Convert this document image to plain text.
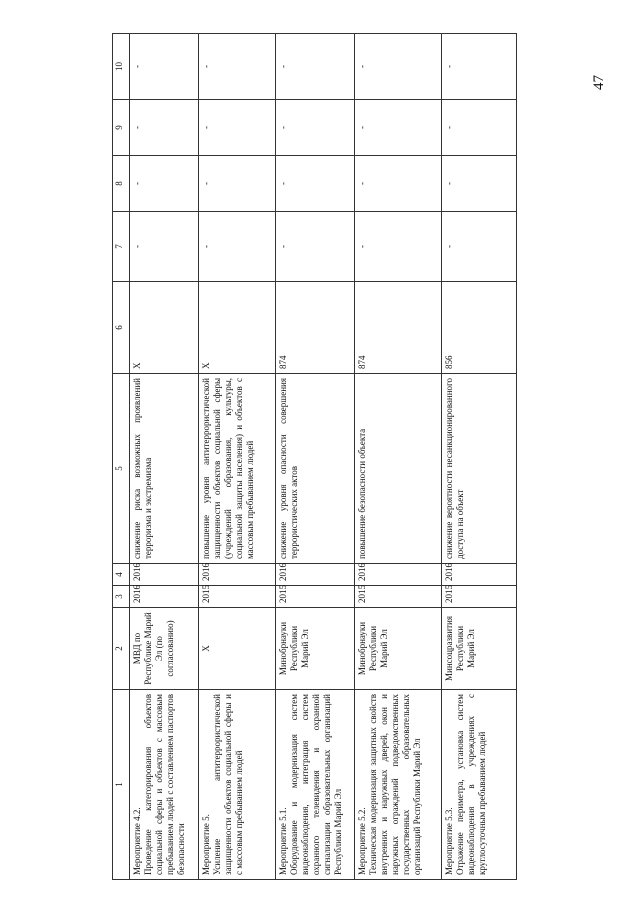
47
1	2	3	4	5	6	7	8	9	10

Мероприятие 4.2. Проведение категорирования объектов социальной сферы и объектов с массовым пребыванием людей с составлением паспортов безопасности	МВД по Республике Марий Эл (по согласованию)	2016	2016	снижение риска возможных проявлений терроризма и экстремизма	X	-	-	-	-

Мероприятие 5. Усиление антитеррористической защищенности объектов социальной сферы и с массовым пребыванием людей	X	2015	2016	повышение уровня антитеррористической защищенности объектов социальной сферы (учреждений образования, культуры, социальной защиты населения) и объектов с массовым пребыванием людей	X	-	-	-	-

Мероприятие 5.1. Оборудование и модернизация систем видеонаблюдения, интеграция систем охранного телевидения и охранной сигнализации образовательных организаций Республики Марий Эл	Минобрнауки Республики Марий Эл	2015	2016	снижение уровня опасности совершения террористических актов	874	-	-	-	-

Мероприятие 5.2. Техническая модернизация защитных свойств внутренних и наружных дверей, окон и наружных ограждений подведомственных государственных образовательных организаций Республики Марий Эл	Минобрнауки Республики Марий Эл	2015	2016	повышение безопасности объекта	874	-	-	-	-

Мероприятие 5.3. Отражение периметра, установка систем видеонаблюдения в учреждениях с круглосуточным пребыванием людей	Минсоцразвития Республики Марий Эл	2015	2016	снижение вероятности несанкционированного доступа на объект	856	-	-	-	-
